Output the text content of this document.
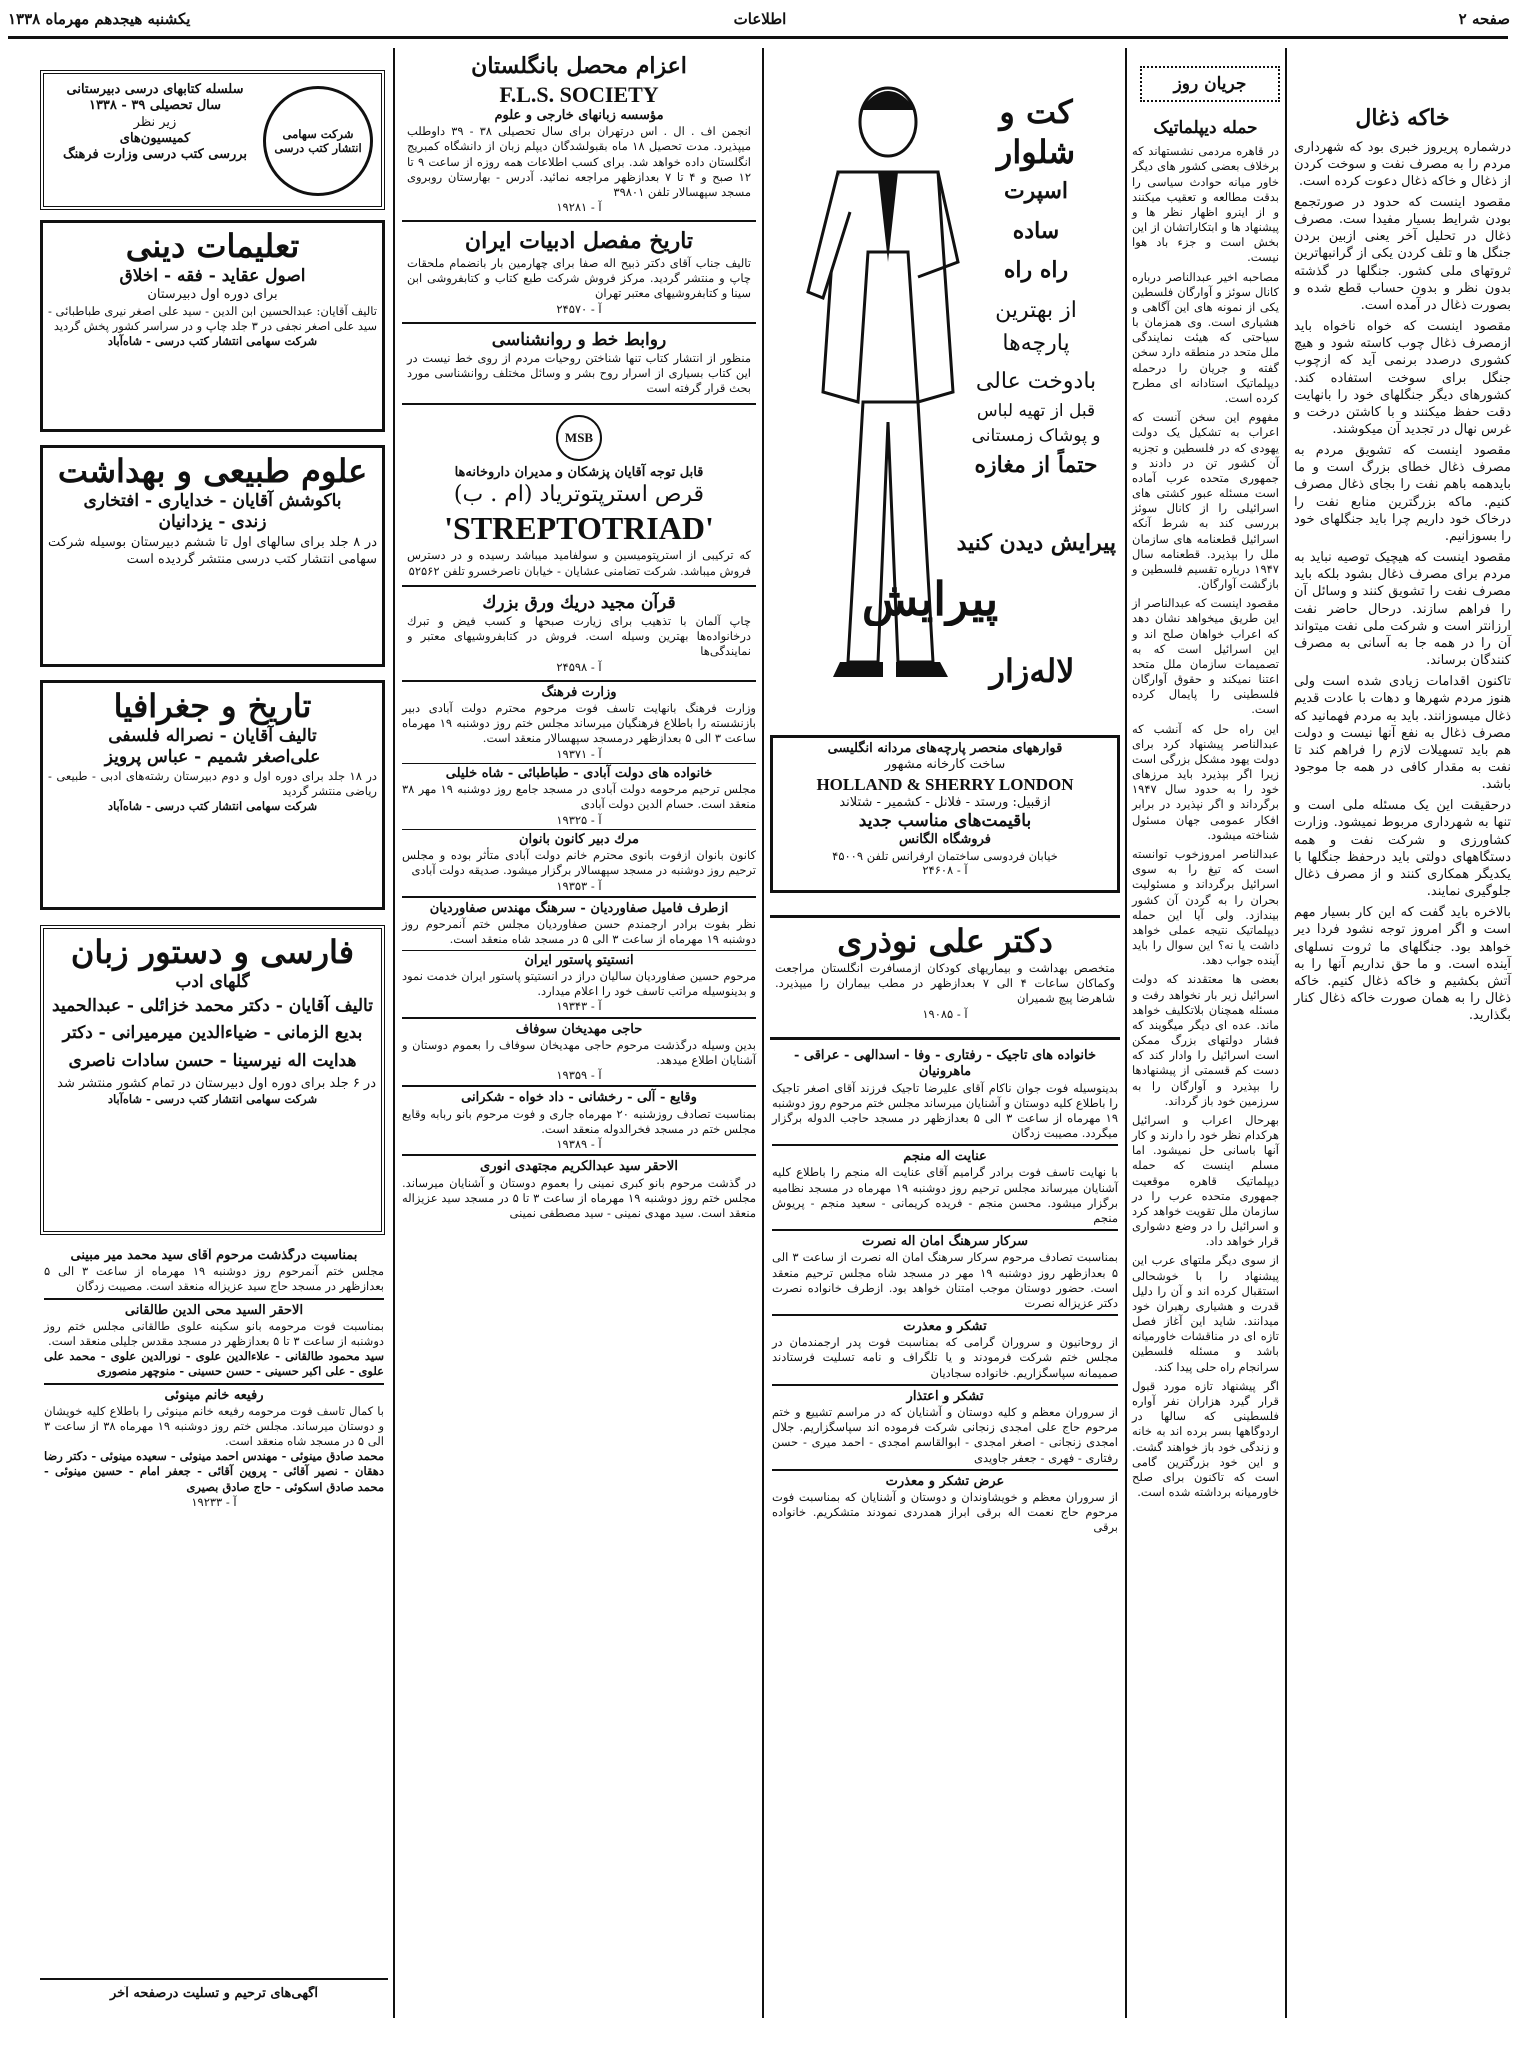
صفحه ۲
اطلاعات
یکشنبه هیجدهم مهرماه ۱۳۳۸
خاکه ذغال
درشماره پریروز خبری بود که شهرداری مردم را به مصرف نفت و سوخت کردن از ذغال و خاکه ذغال دعوت کرده است.
مقصود اینست که حدود در صورتجمع بودن شرایط بسیار مفیدا ست. مصرف ذغال در تحلیل آخر یعنی ازبین بردن جنگل ها و تلف کردن یکی از گرانبهاترین ثروتهای ملی کشور. جنگلها در گذشته بدون نظر و بدون حساب قطع شده و بصورت ذغال در آمده است.
مقصود اینست که خواه ناخواه باید ازمصرف ذغال چوب کاسته شود و هیچ کشوری درصدد برنمی آید که ازچوب جنگل برای سوخت استفاده کند. کشورهای دیگر جنگلهای خود را بانهایت دقت حفظ میکنند و با کاشتن درخت و غرس نهال در تجدید آن میکوشند.
مقصود اینست که تشویق مردم به مصرف ذغال خطای بزرگ است و ما بایدهمه باهم نفت را بجای ذغال مصرف کنیم. ماکه بزرگترین منابع نفت را درخاک خود داریم چرا باید جنگلهای خود را بسوزانیم.
مقصود اینست که هیچیک توصیه نباید به مردم برای مصرف ذغال بشود بلکه باید مصرف نفت را تشویق کنند و وسائل آن را فراهم سازند. درحال حاضر نفت ارزانتر است و شرکت ملی نفت میتواند آن را در همه جا به آسانی به مصرف کنندگان برساند.
تاکنون اقدامات زیادی شده است ولی هنوز مردم شهرها و دهات با عادت قدیم ذغال میسوزانند. باید به مردم فهمانید که مصرف ذغال به نفع آنها نیست و دولت هم باید تسهیلات لازم را فراهم کند تا نفت به مقدار کافی در همه جا موجود باشد.
درحقیقت این یک مسئله ملی است و تنها به شهرداری مربوط نمیشود. وزارت کشاورزی و شرکت نفت و همه دستگاههای دولتی باید درحفظ جنگلها با یکدیگر همکاری کنند و از مصرف ذغال جلوگیری نمایند.
بالاخره باید گفت که این کار بسیار مهم است و اگر امروز توجه نشود فردا دیر خواهد بود. جنگلهای ما ثروت نسلهای آینده است. و ما حق نداریم آنها را به آتش بکشیم و خاکه ذغال کنیم. خاکه ذغال را به همان صورت خاکه ذغال کنار بگذارید.
جریان روز
حمله دیپلماتیک
در قاهره مردمی نشستهاند که برخلاف بعضی کشور های دیگر خاور میانه حوادث سیاسی را بدقت مطالعه و تعقیب میکنند و از اینرو اظهار نظر ها و پیشنهاد ها و ابتکاراتشان از این بخش است و جزء باد هوا نیست.
مصاحبه اخیر عبدالناصر درباره کانال سوئز و آوارگان فلسطین یکی از نمونه های این آگاهی و هشیاری است. وی همزمان با سیاحتی که هیئت نمایندگی ملل متحد در منطقه دارد سخن گفته و جریان را درحمله دیپلماتیک استادانه ای مطرح کرده است.
مفهوم این سخن آنست که اعراب به تشکیل یک دولت یهودی که در فلسطین و تجزیه آن کشور تن در دادند و جمهوری متحده عرب آماده است مسئله عبور کشتی های اسرائیلی را از کانال سوئز بررسی کند به شرط آنکه اسرائیل قطعنامه های سازمان ملل را بپذیرد. قطعنامه سال ۱۹۴۷ درباره تقسیم فلسطین و بازگشت آوارگان.
مقصود اینست که عبدالناصر از این طریق میخواهد نشان دهد که اعراب خواهان صلح اند و این اسرائیل است که به تصمیمات سازمان ملل متحد اعتنا نمیکند و حقوق آوارگان فلسطینی را پایمال کرده است.
این راه حل که آنشب که عبدالناصر پیشنهاد کرد برای دولت یهود مشکل بزرگی است زیرا اگر بپذیرد باید مرزهای خود را به حدود سال ۱۹۴۷ برگرداند و اگر نپذیرد در برابر افکار عمومی جهان مسئول شناخته میشود.
عبدالناصر امروزخوب توانسته است که تیغ را به سوی اسرائیل برگرداند و مسئولیت بحران را به گردن آن کشور بیندازد. ولی آیا این حمله دیپلماتیک نتیجه عملی خواهد داشت یا نه؟ این سوال را باید آینده جواب دهد.
بعضی ها معتقدند که دولت اسرائیل زیر بار نخواهد رفت و مسئله همچنان بلاتکلیف خواهد ماند. عده ای دیگر میگویند که فشار دولتهای بزرگ ممکن است اسرائیل را وادار کند که دست کم قسمتی از پیشنهادها را بپذیرد و آوارگان را به سرزمین خود باز گرداند.
بهرحال اعراب و اسرائیل هرکدام نظر خود را دارند و کار آنها باسانی حل نمیشود. اما مسلم اینست که حمله دیپلماتیک قاهره موقعیت جمهوری متحده عرب را در سازمان ملل تقویت خواهد کرد و اسرائیل را در وضع دشواری قرار خواهد داد.
از سوی دیگر ملتهای عرب این پیشنهاد را با خوشحالی استقبال کرده اند و آن را دلیل قدرت و هشیاری رهبران خود میدانند. شاید این آغاز فصل تازه ای در مناقشات خاورمیانه باشد و مسئله فلسطین سرانجام راه حلی پیدا کند.
اگر پیشنهاد تازه مورد قبول قرار گیرد هزاران نفر آواره فلسطینی که سالها در اردوگاهها بسر برده اند به خانه و زندگی خود باز خواهند گشت. و این خود بزرگترین گامی است که تاکنون برای صلح خاورمیانه برداشته شده است.
کت و شلوار
اسپرت
ساده
راه راه
از بهترین
پارچه‌ها
بادوخت عالی
قبل از تهیه لباس
و پوشاک زمستانی
حتماً از مغازه
پیرایش دیدن کنید
پیرایش
لاله‌زار
قوارههای منحصر پارچه‌های مردانه انگلیسی
ساخت کارخانه مشهور
HOLLAND & SHERRY LONDON
ازقبیل: ورستد - فلانل - کشمیر - شتلاند
باقیمت‌های مناسب جدید
فروشگاه الگانس
خیابان فردوسی ساختمان ارفرانس تلفن ۴۵۰۰۹
آ - ۲۴۶۰۸
دکتر علی نوذری
متخصص بهداشت و بیماریهای کودکان ازمسافرت انگلستان مراجعت وکماکان ساعات ۴ الی ۷ بعدازظهر در مطب بیماران را میپذیرد. شاهرضا پیچ شمیران
آ - ۱۹۰۸۵
خانواده های تاجیک - رفتاری - وفا - اسدالهی - عراقی - ماهرونیان
بدینوسیله فوت جوان ناکام آقای علیرضا تاجیک فرزند آقای اصغر تاجیک را باطلاع کلیه دوستان و آشنایان میرساند مجلس ختم مرحوم روز دوشنبه ۱۹ مهرماه از ساعت ۳ الی ۵ بعدازظهر در مسجد حاجب الدوله برگزار میگردد. مصیبت زدگان
عنایت اله منجم
با نهایت تاسف فوت برادر گرامیم آقای عنایت اله منجم را باطلاع کلیه آشنایان میرساند مجلس ترحیم روز دوشنبه ۱۹ مهرماه در مسجد نظامیه برگزار میشود. محسن منجم - فریده کریمانی - سعید منجم - پریوش منجم
سرکار سرهنگ امان اله نصرت
بمناسبت تصادف مرحوم سرکار سرهنگ امان اله نصرت از ساعت ۳ الی ۵ بعدازظهر روز دوشنبه ۱۹ مهر در مسجد شاه مجلس ترحیم منعقد است. حضور دوستان موجب امتنان خواهد بود. ازطرف خانواده نصرت دکتر عزیزاله نصرت
تشکر و معذرت
از روحانیون و سروران گرامی که بمناسبت فوت پدر ارجمندمان در مجلس ختم شرکت فرمودند و یا تلگراف و نامه تسلیت فرستادند صمیمانه سپاسگزاریم. خانواده سجادیان
تشکر و اعتذار
از سروران معظم و کلیه دوستان و آشنایان که در مراسم تشییع و ختم مرحوم حاج علی امجدی زنجانی شرکت فرموده اند سپاسگزاریم. جلال امجدی زنجانی - اصغر امجدی - ابوالقاسم امجدی - احمد میری - حسن رفتاری - فهری - جعفر جاویدی
عرض تشکر و معذرت
از سروران معظم و خویشاوندان و دوستان و آشنایان که بمناسبت فوت مرحوم حاج نعمت اله برقی ابراز همدردی نمودند متشکریم. خانواده برقی
اعزام محصل بانگلستان
F.L.S. SOCIETY
مؤسسه زبانهای خارجی و علوم
انجمن اف . ال . اس درتهران برای سال تحصیلی ۳۸ - ۳۹ داوطلب میپذیرد. مدت تحصیل ۱۸ ماه بقبولشدگان دیپلم زبان از دانشگاه کمبریج انگلستان داده خواهد شد. برای کسب اطلاعات همه روزه از ساعت ۹ تا ۱۲ صبح و ۴ تا ۷ بعدازظهر مراجعه نمائید. آدرس - بهارستان روبروی مسجد سپهسالار تلفن ۳۹۸۰۱
آ - ۱۹۲۸۱
تاریخ مفصل ادبیات ایران
تالیف جناب آقای دکتر ذبیح اله صفا برای چهارمین بار بانضمام ملحقات چاپ و منتشر گردید. مرکز فروش شرکت طبع کتاب و کتابفروشی ابن سینا و کتابفروشیهای معتبر تهران
آ - ۲۴۵۷۰
روابط خط و روانشناسی
منظور از انتشار کتاب تنها شناختن روحیات مردم از روی خط نیست در این کتاب بسیاری از اسرار روح بشر و وسائل مختلف روانشناسی مورد بحث قرار گرفته است
MSB
قابل توجه آقایان پزشکان و مدیران داروخانه‌ها
قرص استرپتوتریاد (ام . ب)
'STREPTOTRIAD'
که ترکیبی از استرپتومیسین و سولفامید میباشد رسیده و در دسترس فروش میباشد. شرکت تضامنی عشایان - خیابان ناصرخسرو تلفن ۵۲۵۶۲
قرآن مجید دریك ورق بزرك
چاپ آلمان با تذهیب برای زیارت صبحها و کسب فیض و تبرك درخانواده‌ها بهترین وسیله است. فروش در کتابفروشیهای معتبر و نمایندگی‌ها
آ - ۲۴۵۹۸
وزارت فرهنگ
وزارت فرهنگ بانهایت تاسف فوت مرحوم محترم دولت آبادی دبیر بازنشسته را باطلاع فرهنگیان میرساند مجلس ختم روز دوشنبه ۱۹ مهرماه ساعت ۳ الی ۵ بعدازظهر درمسجد سپهسالار منعقد است.
آ - ۱۹۳۷۱
خانواده های دولت آبادی - طباطبائی - شاه خلیلی
مجلس ترحیم مرحومه دولت آبادی در مسجد جامع روز دوشنبه ۱۹ مهر ۳۸ منعقد است. حسام الدین دولت آبادی
آ - ۱۹۳۲۵
مرك دبیر کانون بانوان
کانون بانوان ازفوت بانوی محترم خانم دولت آبادی متأثر بوده و مجلس ترحیم روز دوشنبه در مسجد سپهسالار برگزار میشود. صدیقه دولت آبادی
آ - ۱۹۳۵۳
ازطرف فامیل صفاوردیان - سرهنگ مهندس صفاوردیان
نظر بفوت برادر ارجمندم حسن صفاوردیان مجلس ختم آنمرحوم روز دوشنبه ۱۹ مهرماه از ساعت ۳ الی ۵ در مسجد شاه منعقد است.
انستیتو پاستور ایران
مرحوم حسین صفاوردیان سالیان دراز در انستیتو پاستور ایران خدمت نمود و بدینوسیله مراتب تاسف خود را اعلام میدارد.
آ - ۱۹۳۴۳
حاجی مهدیخان سوفاف
بدین وسیله درگذشت مرحوم حاجی مهدیخان سوفاف را بعموم دوستان و آشنایان اطلاع میدهد.
آ - ۱۹۳۵۹
وقایع - آلی - رخشانی - داد خواه - شکرانی
بمناسبت تصادف روزشنبه ۲۰ مهرماه جاری و فوت مرحوم بانو ربابه وقایع مجلس ختم در مسجد فخرالدوله منعقد است.
آ - ۱۹۳۸۹
الاحقر سید عبدالکریم مجتهدی انوری
در گذشت مرحوم بانو کبری نمینی را بعموم دوستان و آشنایان میرساند. مجلس ختم روز دوشنبه ۱۹ مهرماه از ساعت ۳ تا ۵ در مسجد سید عزیزاله منعقد است. سید مهدی نمینی - سید مصطفی نمینی
شرکت سهامی انتشار کتب درسی
سلسله کتابهای درسی دبیرستانی
سال تحصیلی ۳۹ - ۱۳۳۸
زیر نظر
کمیسیون‌های
بررسی کتب درسی وزارت فرهنگ
تعلیمات دینی
اصول عقاید - فقه - اخلاق
برای دوره اول دبیرستان
تالیف آقایان: عبدالحسین ابن الدین - سید علی اصغر نیری طباطبائی - سید علی اصغر نجفی در ۳ جلد چاپ و در سراسر کشور پخش گردید
شرکت سهامی انتشار کتب درسی - شاه‌آباد
علوم طبیعی و بهداشت
باکوشش آقایان - خدایاری - افتخاری
زندی - یزدانیان
در ۸ جلد برای سالهای اول تا ششم دبیرستان بوسیله شرکت سهامی انتشار کتب درسی منتشر گردیده است
تاریخ و جغرافیا
تالیف آقایان - نصراله فلسفی
علی‌اصغر شمیم - عباس پرویز
در ۱۸ جلد برای دوره اول و دوم دبیرستان رشته‌های ادبی - طبیعی - ریاضی منتشر گردید
شرکت سهامی انتشار کتب درسی - شاه‌آباد
فارسی و دستور زبان
گلهای ادب
تالیف آقایان - دکتر محمد خزائلی - عبدالحمید بدیع الزمانی - ضیاءالدین میرمیرانی - دکتر هدایت اله نیرسینا - حسن سادات ناصری
در ۶ جلد برای دوره اول دبیرستان در تمام کشور منتشر شد
شرکت سهامی انتشار کتب درسی - شاه‌آباد
بمناسبت درگذشت مرحوم آقای سید محمد میر مبینی
مجلس ختم آنمرحوم روز دوشنبه ۱۹ مهرماه از ساعت ۳ الی ۵ بعدازظهر در مسجد حاج سید عزیزاله منعقد است. مصیبت زدگان
الاحقر السید محی الدین طالقانی
بمناسبت فوت مرحومه بانو سکینه علوی طالقانی مجلس ختم روز دوشنبه از ساعت ۳ تا ۵ بعدازظهر در مسجد مقدس جلیلی منعقد است.
سید محمود طالقانی - علاءالدین علوی - نورالدین علوی - محمد علی علوی - علی اکبر حسینی - حسن حسینی - منوچهر منصوری
رفیعه خانم مینوئی
با کمال تاسف فوت مرحومه رفیعه خانم مینوئی را باطلاع کلیه خویشان و دوستان میرساند. مجلس ختم روز دوشنبه ۱۹ مهرماه ۳۸ از ساعت ۳ الی ۵ در مسجد شاه منعقد است.
محمد صادق مینوئی - مهندس احمد مینوئی - سعیده مینوئی - دکتر رضا دهقان - نصیر آقائی - پروین آقائی - جعفر امام - حسین مینوئی - محمد صادق اسکوئی - حاج صادق بصیری
آ - ۱۹۲۳۳
آگهی‌های ترحیم و تسلیت درصفحه آخر
